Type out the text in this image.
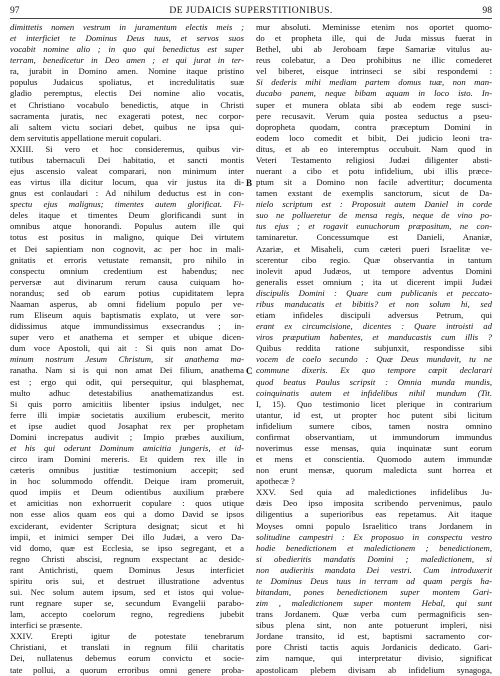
97	DE JUDAICIS SUPERSTITIONIBUS.	98
B
C
dimittetis nomen vestrum in juramentum electis meis ;
et interficiet te Dominus Deus tuus, et servos suos
vocabit nomine alio ; in quo qui benedictus est super
terram, benedicetur in Deo amen ; et qui jurat in ter-
ra, jurabit in Domino amen. Nomine itaque pristino
populus Judaicus spoliatus, et incredulitatis suæ
gladio peremptus, electis Dei nomine alio vocatis,
et Christiano vocabulo benedictis, atque in Christi
sacramenta juratis, nec exagerati potest, nec corpor-
ali saltem victu sociari debet, quibus ne ipsa qui-
dem servitutis appellatione meruit copulari.
XXIII. Si vero et hoc consideremus, quibus vir-
tutibus tabernaculi Dei habitatio, et sancti montis
ejus ascensio valeat comparari, non minimum inter
eas virtus illa dicitur locum, qua vir justus ita di-
gnus est conlaudari : Ad nihilum deductus est in con-
spectu ejus malignus; timentes autem glorificat. Fi-
deles itaque et timentes Deum glorificandi sunt in
omnibus atque honorandi. Populus autem ille qui
totus est positus in maligno, quique Dei virtutem
et Dei sapientiam non cognovit, ac per hoc in mali-
gnitatis et erroris vetustate remansit, pro nihilo in
conspectu omnium credentium est habendus; nec
perversæ aut divinarum rerum causa cuiquam ho-
norandus; sed ob earum potius cupiditatem lepra
Naaman asperus, ab omni fidelium populo per ve-
rum Eliseum aquis baptismatis explato, ut vere sor-
didissimus atque immundissimus exsecrandus ; in-
super vero et anathema et semper et ubique dicen-
dum voce Apostoli, qui ait : Si quis non amat Do-
minum nostrum Jesum Christum, sit anathema ma-
ranatha. Nam si is qui non amat Dei filium, anathema
est ; ergo qui odit, qui persequitur, qui blasphemat,
multo adhuc detestabilius anathematizandus est.
Si quis porro amicitiis libenter ipsius indulget, nec
ferre illi impiæ societatis auxilium erubescit, merito
et ipse audiet quod Josaphat rex per prophetam
Domini increpatus audivit ; Impio præbes auxilium,
et his qui oderunt Dominum amicitia jungeris, et id-
circo iram Domini mereris. Et quidem rex ille in
cæteris omnibus justitiæ testimonium accepit; sed
in hoc solummodo offendit. Deique iram promeruit,
quod impiis et Deum odientibus auxilium præbere
et amicitias non exhorruerit copulare : quos utique
non esse alios quam eos qui a domo David se ipsos
exciderant, evidenter Scriptura designat; sicut et hi
impii, et inimici semper Dei illo Judæi, a vero Da-
vid domo, quæ est Ecclesia, se ipso segregant, et a
regno Christi abscisi, regnum exspectant ac desidc-
rant Antichristi, quem Dominus Jesus interficiet
spiritu oris sui, et destruet illustratione adventus
sui. Nec solum autem ipsum, sed et istos qui volue-
runt regnare super se, secundum Evangelii parabo-
lam, accepto coelorum regno, regrediens jubebit
interfici se præsente.
XXIV. Erepti igitur de potestate tenebrarum
Christiani, et translati in regnum filii charitatis
Dei, nullatenus debemus eorum convictu et socie-
tate pollui, a quorum erroribus omni genere proba-
mur absoluti. Meminisse etenim nos oportet quomo-
do et propheta ille, qui de Juda missus fuerat in
Bethel, ubi ab Jeroboam fæpe Samariæ vitulus au-
reus colebatur, a Deo prohibitus ne illic comederet
vel biberet, eisque intrinseci se sibi respondemi :
Si dederis mihi mediam partem domus tuæ, non man-
ducabo panem, neque bibam aquam in loco isto. In-
super et munera oblata sibi ab eodem rege susci-
pere recusavit. Verum quia postea seductus a pseu-
doprophetа quodam, contra præceptum Domini in
eodem loco comedit et bibit, Dei judicio leoni tra-
ditus, et ab eo interemptus occubuit. Nam quod in
Veteri Testamento religiosi Judæi diligenter abstі-
nuerant a cibo et potu infidelium, ubi illis præce-
ptum sit a Domino non facile advertitur; documenta
tamen exstant de exemplis sanctorum, sicut de Da-
nielo scriptum est : Proposuit autem Daniel in corde
suo ne pollueretur de mensa regis, neque de vino po-
tus ejus ; et rogavit eunuchorum præpositum, ne con-
taminaretur. Concessumque est Danieli, Ananiæ,
Azariæ, et Misaheli, cum cæteri pueri Israelitæ ve-
scerentur cibo regio. Quæ observantia in tantum
inolevit apud Judæos, ut tempore adventus Domini
generalis esset omnium ; ita ut dicerent impii Judæi
discipulis Domini : Quare cum publicanis et peccato-
ribus manducatis et bibitis? et non solum hi, sed
etiam infideles discipuli adversus Petrum, qui
erant ex circumcisione, dicentes : Quare introisti ad
viros præputium habentes, et manducastis cum illis ?
Quibus reddita ratione subjunxit, respondisse sibi
vocem de coelo secundo : Quæ Deus mundavit, tu ne
commune dixeris. Ex quo tempore cœpit declarari
quod beatus Paulus scripsit : Omnia munda mundis,
coinquinatis autem et infidelibus nihil mundum (Tit.
I, 15). Quo testimonio licet plerique in contrarium
utantur, id est, ut propter hoc putent sibi licitum
infidelium sumere cibos, tamen nostra omnino
confirmat observantiam, ut immundorum immundus
noverimus esse mensas, quia inquinatæ sunt eorum
et mens et conscientia. Quomodo autem immundæ
non erunt mensæ, quorum maledicta sunt horrea et
apothecæ ?
XXV. Sed quia ad maledictiones infidelibus Ju-
dæis Deo ipso imposita scribendo pervenimus, paulo
diligentius a superioribus eas repetamus. Ait itaque
Moyses omni populo Israelitico trans Jordanem in
solitudine campestri : Ex proposuo in conspectu vestro
hodie benedictionem et maledictionem ; benedictionem,
si obedieritis mandatis Domini ; maledictionem, si
non audieritis mandata Dei vestri. Cum introduxerit
te Dominus Deus tuus in terram ad quam pergis ha-
bitandam, pones benedictionem super montem Gari-
zim , maledictionem super montem Hebal, qui sunt
trans Jordanem. Quæ verba cum permagnificis sen-
sibus plena sint, non ante potuerunt impleri, nisi
Jordane transito, id est, baptismi sacramento cor-
pore Christi tactis aquis Jordanicis dedicato. Gari-
zim namque, qui interpretatur divisio, significat
apostolicam plebem divisam ab infidelium synagoga,
